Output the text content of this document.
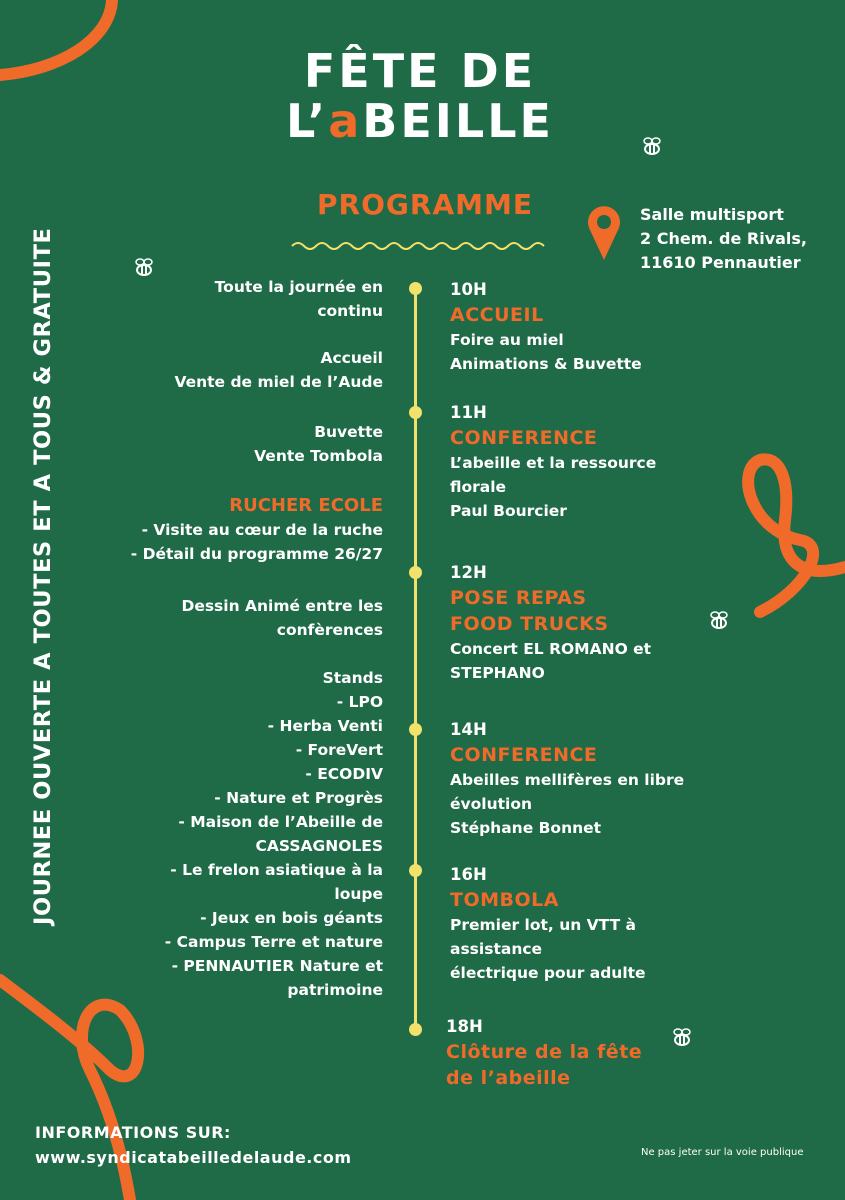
FÊTE DE
L’aBEILLE
PROGRAMME	Salle multisport
2 Chem. de Rivals,
11610 Pennautier
JOURNEE OUVERTE A TOUTES ET A TOUS & GRATUITE	Toute la journée en
continu
Accueil
Vente de miel de l’Aude
Buvette
Vente Tombola
RUCHER ECOLE
- Visite au cœur de la ruche
- Détail du programme 26/27
Dessin Animé entre les
confèrences
Stands
- LPO
- Herba Venti
- ForeVert
- ECODIV
- Nature et Progrès
- Maison de l’Abeille de
CASSAGNOLES
- Le frelon asiatique à la
loupe
- Jeux en bois géants
- Campus Terre et nature
- PENNAUTIER Nature et
patrimoine
10H
ACCUEIL
Foire au miel
Animations & Buvette
11H
CONFERENCE
L’abeille et la ressource
florale
Paul Bourcier
12H
POSE REPAS
FOOD TRUCKS
Concert EL ROMANO et
STEPHANO
14H
CONFERENCE
Abeilles mellifères en libre
évolution
Stéphane Bonnet
16H
TOMBOLA
Premier lot, un VTT à
assistance
électrique pour adulte
18H
Clôture de la fête
de l’abeille
INFORMATIONS SUR:
www.syndicatabeilledelaude.com	Ne pas jeter sur la voie publique
